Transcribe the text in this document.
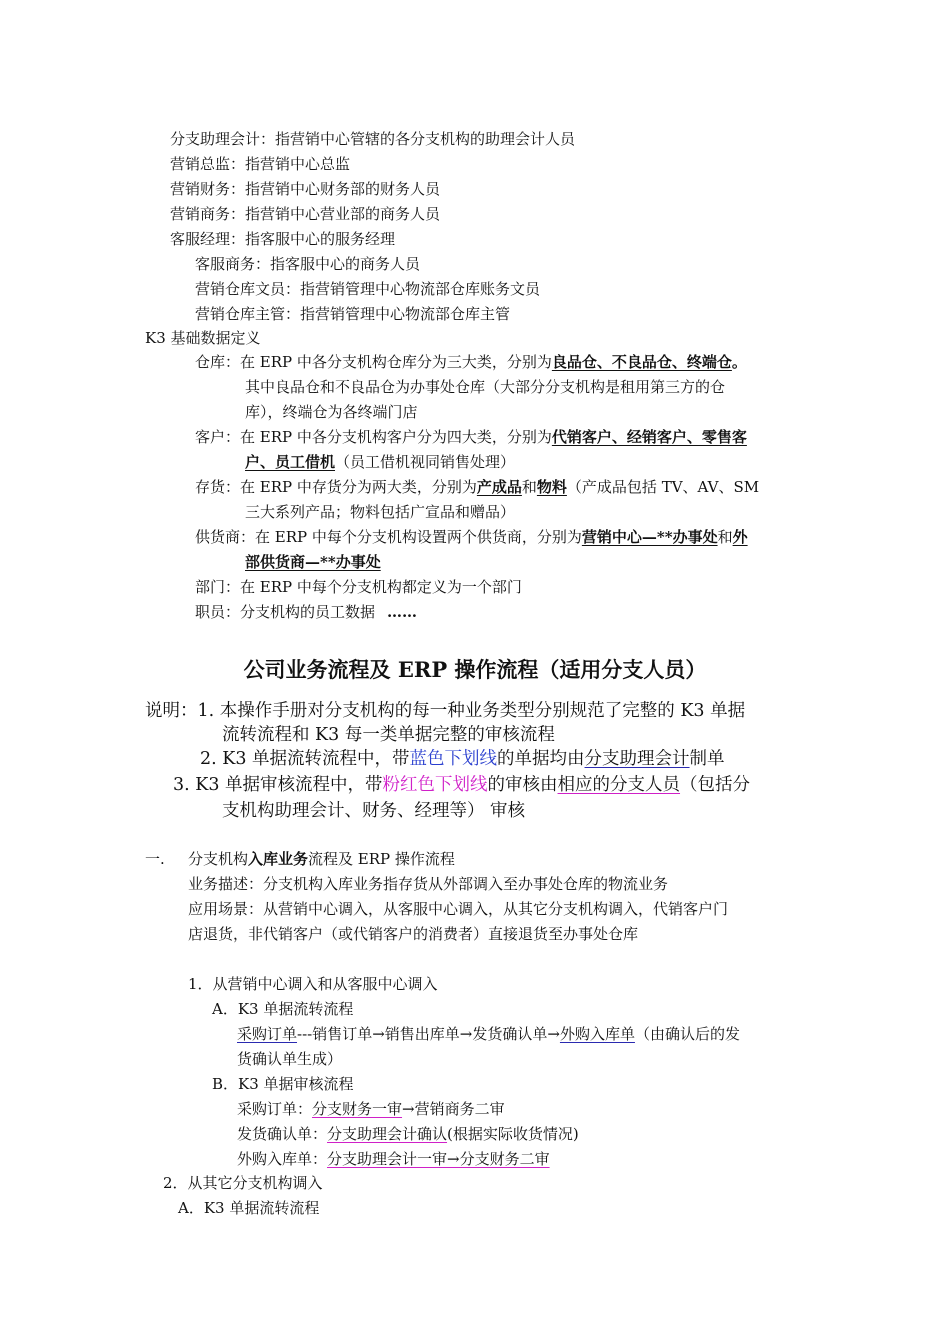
分支助理会计：指营销中心管辖的各分支机构的助理会计人员
营销总监：指营销中心总监
营销财务：指营销中心财务部的财务人员
营销商务：指营销中心营业部的商务人员
客服经理：指客服中心的服务经理
客服商务：指客服中心的商务人员
营销仓库文员：指营销管理中心物流部仓库账务文员
营销仓库主管：指营销管理中心物流部仓库主管
K3 基础数据定义
仓库：在 ERP 中各分支机构仓库分为三大类，分别为良品仓、不良品仓、终端仓。
其中良品仓和不良品仓为办事处仓库（大部分分支机构是租用第三方的仓
库），终端仓为各终端门店
客户：在 ERP 中各分支机构客户分为四大类，分别为代销客户、经销客户、零售客
户、员工借机（员工借机视同销售处理）
存货：在 ERP 中存货分为两大类，分别为产成品和物料（产成品包括 TV、AV、SM
三大系列产品；物料包括广宣品和赠品）
供货商：在 ERP 中每个分支机构设置两个供货商，分别为营销中心—**办事处和外
部供货商—**办事处
部门：在 ERP 中每个分支机构都定义为一个部门
职员：分支机构的员工数据 ……
公司业务流程及 ERP 操作流程（适用分支人员）
说明：1. 本操作手册对分支机构的每一种业务类型分别规范了完整的 K3 单据
流转流程和 K3 每一类单据完整的审核流程
2. K3 单据流转流程中，带蓝色下划线的单据均由分支助理会计制单
3. K3 单据审核流程中，带粉红色下划线的审核由相应的分支人员（包括分
支机构助理会计、财务、经理等） 审核
一. 分支机构入库业务流程及 ERP 操作流程
业务描述：分支机构入库业务指存货从外部调入至办事处仓库的物流业务
应用场景：从营销中心调入，从客服中心调入，从其它分支机构调入，代销客户门
店退货，非代销客户（或代销客户的消费者）直接退货至办事处仓库
1．从营销中心调入和从客服中心调入
A．K3 单据流转流程
采购订单---销售订单→销售出库单→发货确认单→外购入库单（由确认后的发
货确认单生成）
B．K3 单据审核流程
采购订单：分支财务一审→营销商务二审
发货确认单：分支助理会计确认(根据实际收货情况)
外购入库单：分支助理会计一审→分支财务二审
2．从其它分支机构调入
A．K3 单据流转流程
